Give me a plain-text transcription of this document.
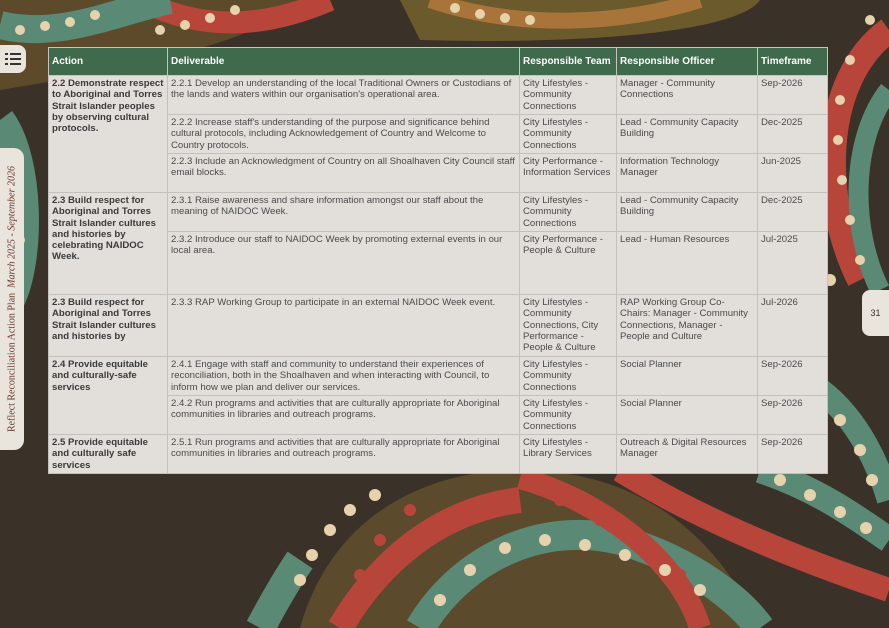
Reflect Reconciliation Action Plan  March 2025 - September 2026
31
Action	Deliverable	Responsible Team	Responsible Officer	Timeframe
2.2 Demonstrate respect to Aboriginal and Torres Strait Islander peoples by observing cultural protocols.	2.2.1 Develop an understanding of the local Traditional Owners or Custodians of the lands and waters within our organisation's operational area.	City Lifestyles - Community Connections	Manager - Community Connections	Sep-2026
	2.2.2 Increase staff's understanding of the purpose and significance behind cultural protocols, including Acknowledgement of Country and Welcome to Country protocols.	City Lifestyles - Community Connections	Lead - Community Capacity Building	Dec-2025
	2.2.3 Include an Acknowledgment of Country on all Shoalhaven City Council staff email blocks.	City Performance - Information Services	Information Technology Manager	Jun-2025
2.3 Build respect for Aboriginal and Torres Strait Islander cultures and histories by celebrating NAIDOC Week.	2.3.1 Raise awareness and share information amongst our staff about the meaning of NAIDOC Week.	City Lifestyles - Community Connections	Lead - Community Capacity Building	Dec-2025
	2.3.2 Introduce our staff to NAIDOC Week by promoting external events in our local area.	City Performance - People & Culture	Lead - Human Resources	Jul-2025
2.3 Build respect for Aboriginal and Torres Strait Islander cultures and histories by	2.3.3 RAP Working Group to participate in an external NAIDOC Week event.	City Lifestyles - Community Connections, City Performance - People & Culture	RAP Working Group Co-Chairs: Manager - Community Connections, Manager - People and Culture	Jul-2026
2.4 Provide equitable and culturally-safe services	2.4.1 Engage with staff and community to understand their experiences of reconciliation, both in the Shoalhaven and when interacting with Council, to inform how we plan and deliver our services.	City Lifestyles - Community Connections	Social Planner	Sep-2026
	2.4.2 Run programs and activities that are culturally appropriate for Aboriginal communities in libraries and outreach programs.	City Lifestyles - Community Connections	Social Planner	Sep-2026
2.5 Provide equitable and culturally safe services	2.5.1 Run programs and activities that are culturally appropriate for Aboriginal communities in libraries and outreach programs.	City Lifestyles - Library Services	Outreach & Digital Resources Manager	Sep-2026
